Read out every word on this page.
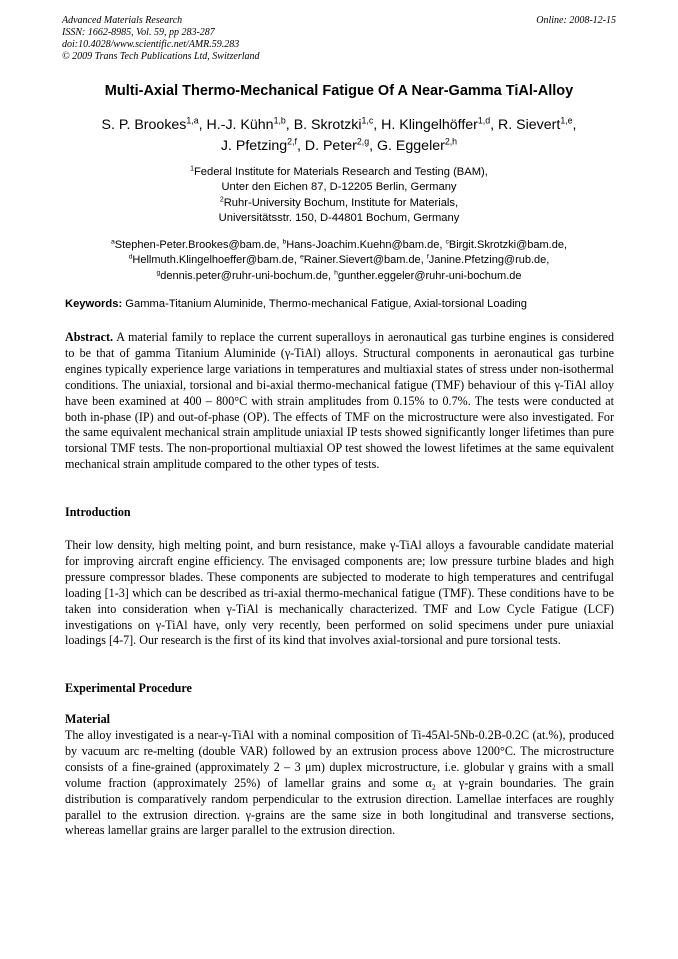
Advanced Materials Research
ISSN: 1662-8985, Vol. 59, pp 283-287
doi:10.4028/www.scientific.net/AMR.59.283
© 2009 Trans Tech Publications Ltd, Switzerland
Online: 2008-12-15
Multi-Axial Thermo-Mechanical Fatigue Of A Near-Gamma TiAl-Alloy
S. P. Brookes$^{1,a}$, H.-J. Kühn$^{1,b}$, B. Skrotzki$^{1,c}$, H. Klingelhöffer$^{1,d}$, R. Sievert$^{1,e}$,
J. Pfetzing$^{2,f}$, D. Peter$^{2,g}$, G. Eggeler$^{2,h}$
$^1$Federal Institute for Materials Research and Testing (BAM),
Unter den Eichen 87, D-12205 Berlin, Germany
$^2$Ruhr-University Bochum, Institute for Materials,
Universitätsstr. 150, D-44801 Bochum, Germany
$^a$Stephen-Peter.Brookes@bam.de, $^b$Hans-Joachim.Kuehn@bam.de, $^c$Birgit.Skrotzki@bam.de,
$^d$Hellmuth.Klingelhoeffer@bam.de, $^e$Rainer.Sievert@bam.de, $^f$Janine.Pfetzing@rub.de,
$^g$dennis.peter@ruhr-uni-bochum.de, $^h$gunther.eggeler@ruhr-uni-bochum.de
Keywords: Gamma-Titanium Aluminide, Thermo-mechanical Fatigue, Axial-torsional Loading
Abstract. A material family to replace the current superalloys in aeronautical gas turbine engines is considered to be that of gamma Titanium Aluminide (γ-TiAl) alloys. Structural components in aeronautical gas turbine engines typically experience large variations in temperatures and multiaxial states of stress under non-isothermal conditions. The uniaxial, torsional and bi-axial thermo-mechanical fatigue (TMF) behaviour of this γ-TiAl alloy have been examined at 400 – 800°C with strain amplitudes from 0.15% to 0.7%. The tests were conducted at both in-phase (IP) and out-of-phase (OP). The effects of TMF on the microstructure were also investigated. For the same equivalent mechanical strain amplitude uniaxial IP tests showed significantly longer lifetimes than pure torsional TMF tests. The non-proportional multiaxial OP test showed the lowest lifetimes at the same equivalent mechanical strain amplitude compared to the other types of tests.
Introduction
Their low density, high melting point, and burn resistance, make γ-TiAl alloys a favourable candidate material for improving aircraft engine efficiency. The envisaged components are; low pressure turbine blades and high pressure compressor blades. These components are subjected to moderate to high temperatures and centrifugal loading [1-3] which can be described as tri-axial thermo-mechanical fatigue (TMF). These conditions have to be taken into consideration when γ-TiAl is mechanically characterized. TMF and Low Cycle Fatigue (LCF) investigations on γ-TiAl have, only very recently, been performed on solid specimens under pure uniaxial loadings [4-7]. Our research is the first of its kind that involves axial-torsional and pure torsional tests.
Experimental Procedure
Material
The alloy investigated is a near-γ-TiAl with a nominal composition of Ti-45Al-5Nb-0.2B-0.2C (at.%), produced by vacuum arc re-melting (double VAR) followed by an extrusion process above 1200°C. The microstructure consists of a fine-grained (approximately 2 – 3 μm) duplex microstructure, i.e. globular γ grains with a small volume fraction (approximately 25%) of lamellar grains and some α₂ at γ-grain boundaries. The grain distribution is comparatively random perpendicular to the extrusion direction. Lamellae interfaces are roughly parallel to the extrusion direction. γ-grains are the same size in both longitudinal and transverse sections, whereas lamellar grains are larger parallel to the extrusion direction.
